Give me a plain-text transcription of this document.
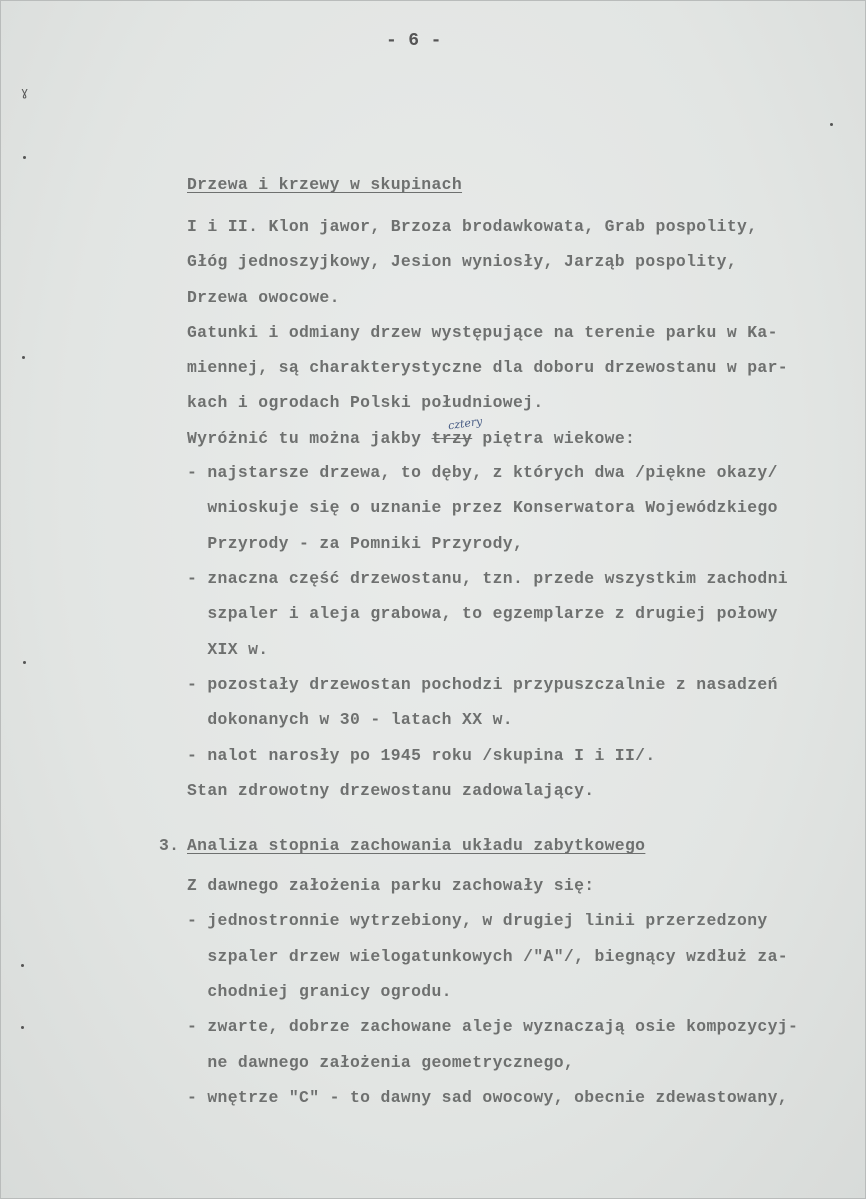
- 6 -
ɣ
Drzewa i krzewy w skupinach
I i II. Klon jawor, Brzoza brodawkowata, Grab pospolity,
Głóg jednoszyjkowy, Jesion wyniosły, Jarząb pospolity,
Drzewa owocowe.
Gatunki i odmiany drzew występujące na terenie parku w Ka-
miennej, są charakterystyczne dla doboru drzewostanu w par-
kach i ogrodach Polski południowej.
cztery
Wyróżnić tu można jakby trzy piętra wiekowe:
- najstarsze drzewa, to dęby, z których dwa /piękne okazy/
wnioskuje się o uznanie przez Konserwatora Wojewódzkiego
Przyrody - za Pomniki Przyrody,
- znaczna część drzewostanu, tzn. przede wszystkim zachodni
szpaler i aleja grabowa, to egzemplarze z drugiej połowy
XIX w.
- pozostały drzewostan pochodzi przypuszczalnie z nasadzeń
dokonanych w 30 - latach XX w.
- nalot narosły po 1945 roku /skupina I i II/.
Stan zdrowotny drzewostanu zadowalający.
3. Analiza stopnia zachowania układu zabytkowego
Z dawnego założenia parku zachowały się:
- jednostronnie wytrzebiony, w drugiej linii przerzedzony
szpaler drzew wielogatunkowych /"A"/, biegnący wzdłuż za-
chodniej granicy ogrodu.
- zwarte, dobrze zachowane aleje wyznaczają osie kompozycyj-
ne dawnego założenia geometrycznego,
- wnętrze "C" - to dawny sad owocowy, obecnie zdewastowany,
